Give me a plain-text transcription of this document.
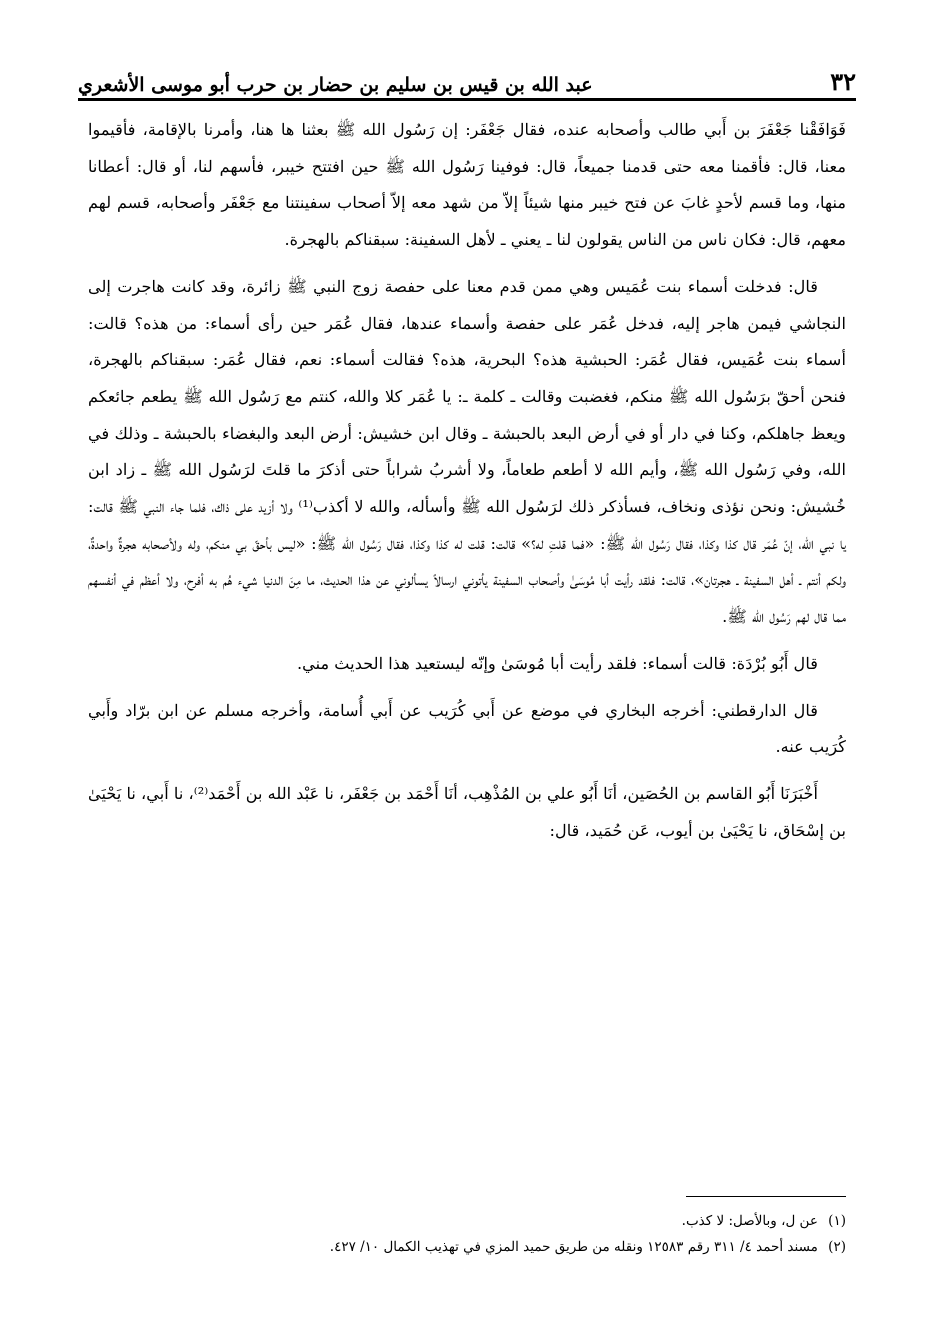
٣٢
عبد الله بن قيس بن سليم بن حضار بن حرب أبو موسى الأشعري

فَوَافَقْنا جَعْفَرَ بن أَبي طالب وأصحابه عنده، فقال جَعْفَر: إن رَسُول الله ﷺ بعثنا ها هنا، وأمرنا بالإقامة، فأقيموا معنا، قال: فأقمنا معه حتى قدمنا جميعاً، قال: فوفينا رَسُول الله ﷺ حين افتتح خيبر، فأسهم لنا، أو قال: أعطانا منها، وما قسم لأحدٍ غابَ عن فتح خيبر منها شيئاً إلاّ من شهد معه إلاّ أصحاب سفينتنا مع جَعْفَر وأصحابه، قسم لهم معهم، قال: فكان ناس من الناس يقولون لنا ـ يعني ـ لأهل السفينة: سبقناكم بالهجرة.

قال: فدخلت أسماء بنت عُمَيس وهي ممن قدم معنا على حفصة زوج النبي ﷺ زائرة، وقد كانت هاجرت إلى النجاشي فيمن هاجر إليه، فدخل عُمَر على حفصة وأسماء عندها، فقال عُمَر حين رأى أسماء: من هذه؟ قالت: أسماء بنت عُمَيس، فقال عُمَر: الحبشية هذه؟ البحرية، هذه؟ فقالت أسماء: نعم، فقال عُمَر: سبقناكم بالهجرة، فنحن أحقّ برَسُول الله ﷺ منكم، فغضبت وقالت ـ كلمة ـ: يا عُمَر كلا والله، كنتم مع رَسُول الله ﷺ يطعم جائعكم ويعظ جاهلكم، وكنا في دار أو في أرض البعد بالحبشة ـ وقال ابن خشيش: أرض البعد والبغضاء بالحبشة ـ وذلك في الله، وفي رَسُول الله ﷺ، وأيم الله لا أطعم طعاماً، ولا أشربُ شراباً حتى أذكرَ ما قلتَ لرَسُول الله ﷺ ـ زاد ابن خُشيش: ونحن نؤذى ونخاف، فسأذكر ذلك لرَسُول الله ﷺ وأسأله، والله لا أكذب⁽¹⁾ ولا أزيد على ذاك، فلما جاء النبي ﷺ قالت: يا نبي الله، إنّ عُمَر قال كذا وكذا، فقال رَسُول الله ﷺ: «فما قلتِ له؟» قالت: قلت له كذا وكذا، فقال رَسُول الله ﷺ: «ليس بأحقّ بي منكم، وله ولأصحابه هجرةٌ واحدةٌ، ولكم أنتم ـ أهل السفينة ـ هجرتان»، قالت: فلقد رأيت أبا مُوسَىٰ وأصحاب السفينة يأتوني ارسالاً يسألوني عن هذا الحديث، ما مِنَ الدنيا شيء هُم به أفرح، ولا أعظم في أنفسهم مما قال لهم رَسُول الله ﷺ.

قال أَبُو بُرْدَة: قالت أسماء: فلقد رأيت أبا مُوسَىٰ وإنّه ليستعيد هذا الحديث مني.

قال الدارقطني: أخرجه البخاري في موضع عن أَبي كُرَيب عن أَبي أُسامة، وأخرجه مسلم عن ابن برّاد وأَبي كُرَيب عنه.

أَخْبَرَنَا أَبُو القاسم بن الحُصَين، أنَا أَبُو علي بن المُذْهِب، أنَا أَحْمَد بن جَعْفَر، نا عَبْد الله بن أَحْمَد⁽²⁾، نا أَبي، نا يَحْيَىٰ بن إسْحَاق، نا يَحْيَىٰ بن أيوب، عَن حُمَيد، قال:

(١) عن ل، وبالأصل: لا كذب.

(٢) مسند أحمد ٤/ ٣١١ رقم ١٢٥٨٣ ونقله من طريق حميد المزي في تهذيب الكمال ١٠/ ٤٢٧.
